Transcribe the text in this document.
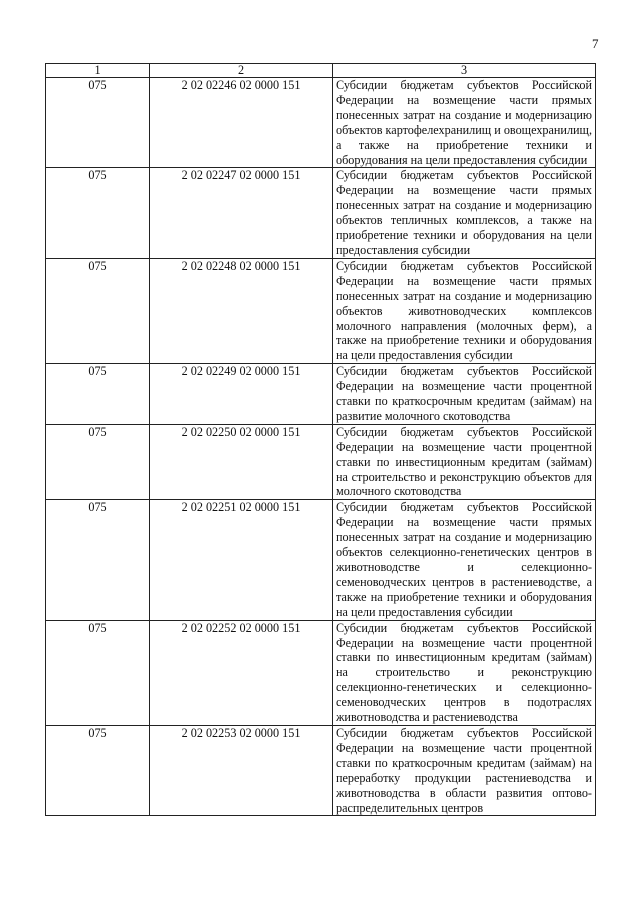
7
1	2	3
075	2 02 02246 02 0000 151	Субсидии бюджетам субъектов Российской Федерации на возмещение части прямых понесенных затрат на создание и модернизацию объектов картофелехранилищ и овощехранилищ, а также на приобретение техники и оборудования на цели предоставления субсидии
075	2 02 02247 02 0000 151	Субсидии бюджетам субъектов Российской Федерации на возмещение части прямых понесенных затрат на создание и модернизацию объектов тепличных комплексов, а также на приобретение техники и оборудования на цели предоставления субсидии
075	2 02 02248 02 0000 151	Субсидии бюджетам субъектов Российской Федерации на возмещение части прямых понесенных затрат на создание и модернизацию объектов животноводческих комплексов молочного направления (молочных ферм), а также на приобретение техники и оборудования на цели предоставления субсидии
075	2 02 02249 02 0000 151	Субсидии бюджетам субъектов Российской Федерации на возмещение части процентной ставки по краткосрочным кредитам (займам) на развитие молочного скотоводства
075	2 02 02250 02 0000 151	Субсидии бюджетам субъектов Российской Федерации на возмещение части процентной ставки по инвестиционным кредитам (займам) на строительство и реконструкцию объектов для молочного скотоводства
075	2 02 02251 02 0000 151	Субсидии бюджетам субъектов Российской Федерации на возмещение части прямых понесенных затрат на создание и модернизацию объектов селекционно-генетических центров в животноводстве и селекционно-семеноводческих центров в растениеводстве, а также на приобретение техники и оборудования на цели предоставления субсидии
075	2 02 02252 02 0000 151	Субсидии бюджетам субъектов Российской Федерации на возмещение части процентной ставки по инвестиционным кредитам (займам) на строительство и реконструкцию селекционно-генетических и селекционно-семеноводческих центров в подотраслях животноводства и растениеводства
075	2 02 02253 02 0000 151	Субсидии бюджетам субъектов Российской Федерации на возмещение части процентной ставки по краткосрочным кредитам (займам) на переработку продукции растениеводства и животноводства в области развития оптово-распределительных центров
